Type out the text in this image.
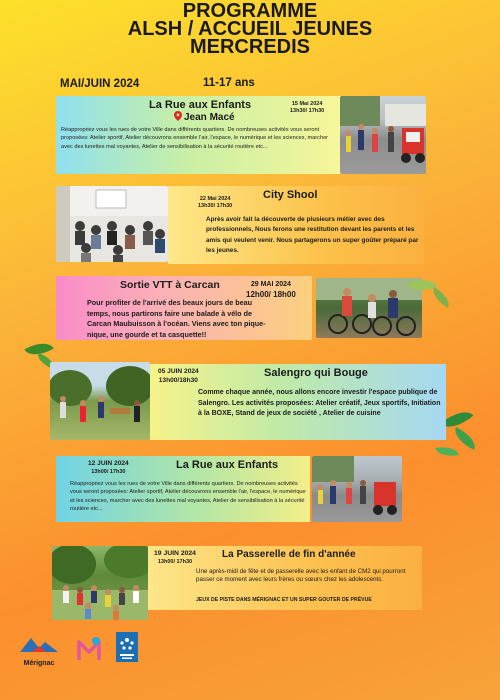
PROGRAMME
ALSH / ACCUEIL JEUNES
MERCREDIS
MAI/JUIN 2024	11-17 ans
La Rue aux Enfants	15 Mai 2024
13h30/ 17h30
Jean Macé
Réappropriez vous les rues de votre Ville dans différents quartiers. De nombreuses activités vous seront proposées: Atelier sportif, Atelier découvrons ensemble l'air, l'espace, le numérique et les sciences, marcher avec des lunettes mal voyantes, Atelier de sensibilisation à la sécurité routière etc...
City Shool
22 Mai 2024
13h30/ 17h30
Après avoir fait la découverte de plusieurs métier avec des professionnels, Nous ferons une restitution devant les parents et les amis qui veulent venir. Nous partagerons un super goûter préparé par les jeunes.
Sortie VTT à Carcan	29 MAI 2024
12h00/ 18h00
Pour profiter de l'arrivé des beaux jours de beau temps, nous partirons faire une balade à vélo de Carcan Maubuisson à l'océan. Viens avec ton pique-nique, une gourde et ta casquette!!
Salengro qui Bouge
05 JUIN 2024
13h00/18h30
Comme chaque année, nous allons encore investir l'espace publique de Salengro. Les activités proposées: Atelier créatif, Jeux sportifs, Initiation à la BOXE, Stand de jeux de société , Atelier de cuisine
La Rue aux Enfants
12 JUIN 2024
13h00/ 17h30
Réappropriez vous les rues de votre Ville dans différents quartiers. De nombreuses activités vous seront proposées: Atelier sportif, Atelier découvrons ensemble l'air, l'espace, le numérique et les sciences, marcher avec des lunettes mal voyantes, Atelier de sensibilisation à la sécurité routière etc...
La Passerelle de fin d'année
19 JUIN 2024
13h00/ 17h30
Une après-midi de fête et de passerelle avec les enfant de CM2 qui pourront passer ce moment avec leurs frères ou sœurs chez les adolescents.
JEUX DE PISTE DANS MÉRIGNAC ET UN SUPER GOUTER DE PRÉVUE
Mérignac
